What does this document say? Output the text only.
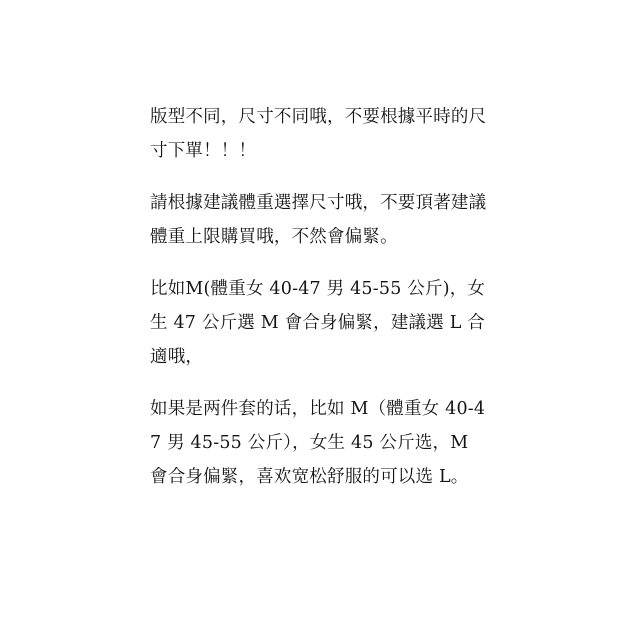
版型不同，尺寸不同哦，不要根據平時的尺寸下單！！！

請根據建議體重選擇尺寸哦，不要頂著建議體重上限購買哦，不然會偏緊。

比如M(體重女 40-47 男 45-55 公斤)，女生 47 公斤選 M 會合身偏緊，建議選 L 合適哦，

如果是两件套的话，比如 M（體重女 40-47 男 45-55 公斤），女生 45 公斤选，M 會合身偏緊，喜欢宽松舒服的可以选 L。
